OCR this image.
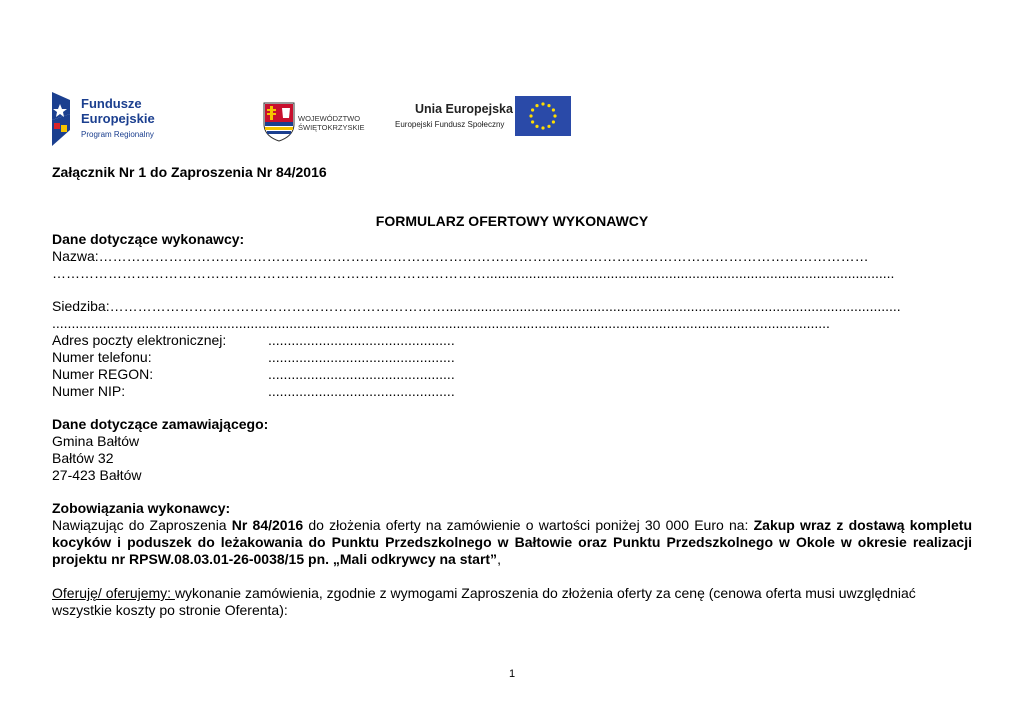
Fundusze
Europejskie
Program Regionalny
WOJEWÓDZTWO
ŚWIĘTOKRZYSKIE
Unia Europejska
Europejski Fundusz Społeczny
Załącznik Nr 1 do Zaproszenia Nr 84/2016
FORMULARZ OFERTOWY WYKONAWCY
Dane dotyczące wykonawcy:
Nazwa:…………………………………………………………………………………………………………………………………………………
………………………………………………………………………………….........................................................................................................
Siedziba:……………………………………………………………….....................................................................................................................
........................................................................................................................................................................................................
Adres poczty elektronicznej:	................................................
Numer telefonu:	................................................
Numer REGON:	................................................
Numer NIP:	................................................
Dane dotyczące zamawiającego:
Gmina Bałtów
Bałtów 32
27-423 Bałtów
Zobowiązania wykonawcy:
Nawiązując do Zaproszenia Nr 84/2016 do złożenia oferty na zamówienie o wartości poniżej 30 000 Euro na: Zakup wraz z dostawą kompletu kocyków i poduszek do leżakowania do Punktu Przedszkolnego w Bałtowie oraz Punktu Przedszkolnego w Okole w okresie realizacji projektu nr RPSW.08.03.01-26-0038/15 pn. „Mali odkrywcy na start”,
Oferuję/ oferujemy: wykonanie zamówienia, zgodnie z wymogami Zaproszenia do złożenia oferty za cenę (cenowa oferta musi uwzględniać wszystkie koszty po stronie Oferenta):
1
